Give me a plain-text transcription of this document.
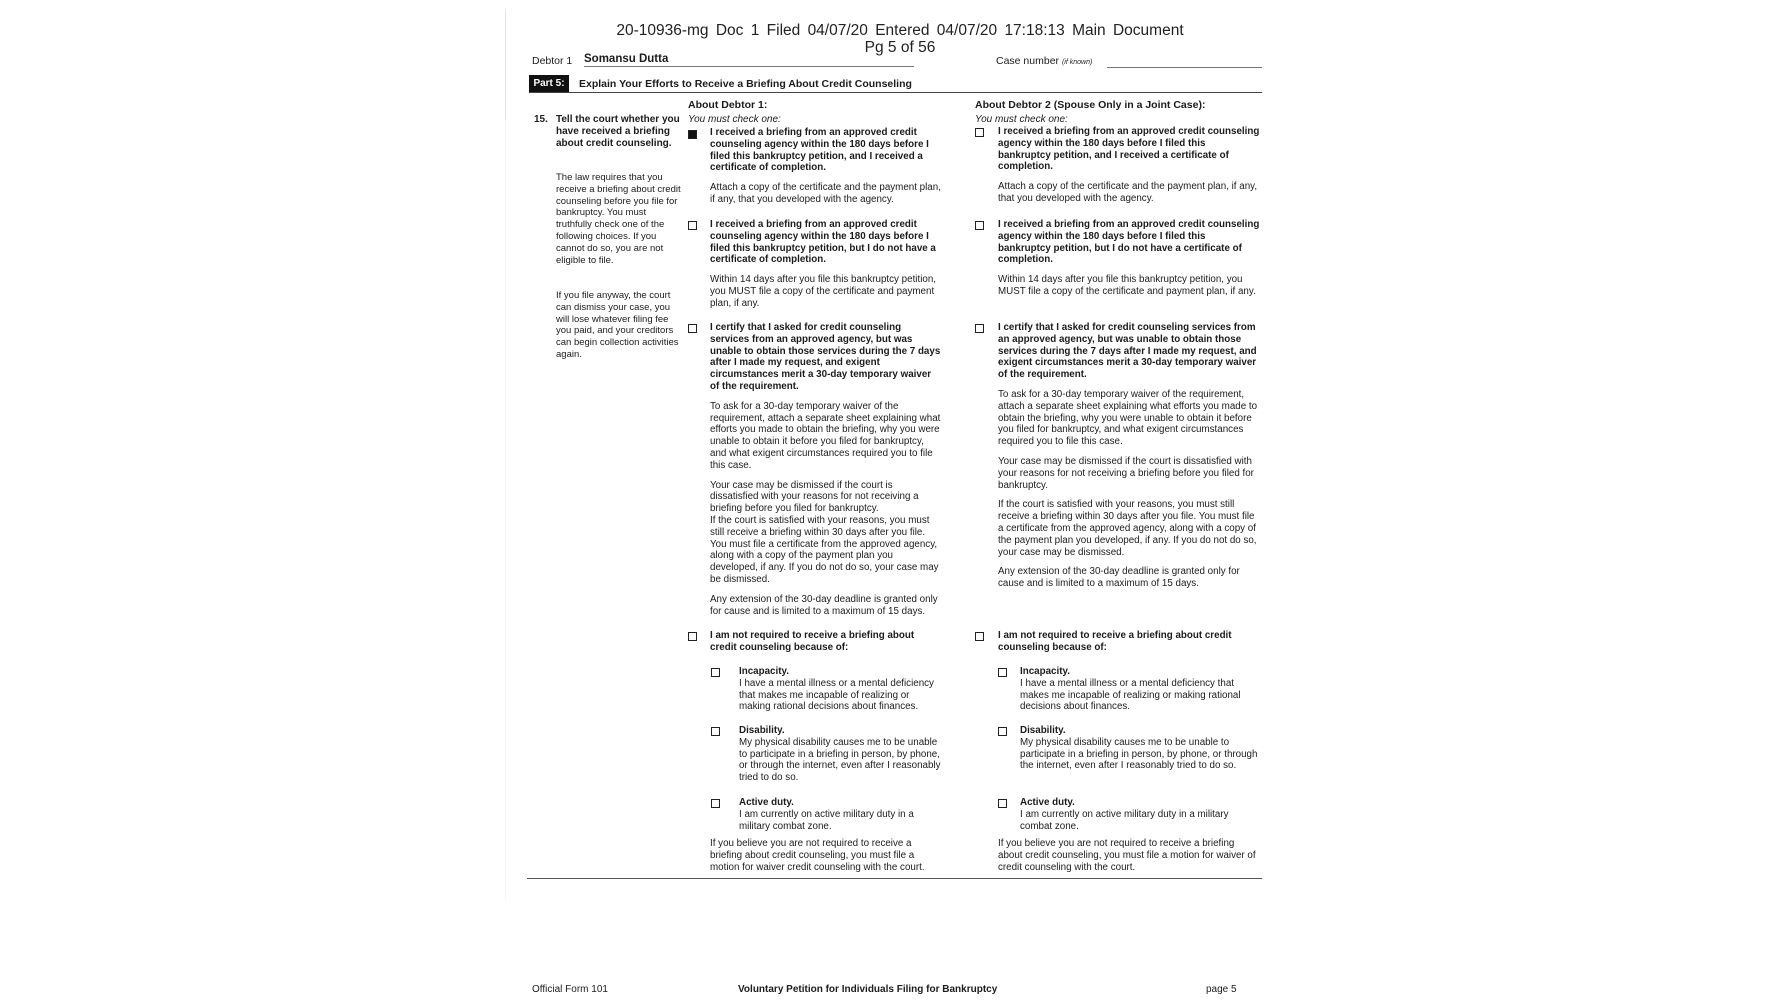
20-10936-mg Doc 1 Filed 04/07/20 Entered 04/07/20 17:18:13 Main Document
Pg 5 of 56
Debtor 1 Somansu Dutta	Case number (if known)
Part 5:	Explain Your Efforts to Receive a Briefing About Credit Counseling
About Debtor 1:	About Debtor 2 (Spouse Only in a Joint Case):
You must check one:	You must check one:
15. Tell the court whether you have received a briefing about credit counseling.
The law requires that you receive a briefing about credit counseling before you file for bankruptcy. You must truthfully check one of the following choices. If you cannot do so, you are not eligible to file.
If you file anyway, the court can dismiss your case, you will lose whatever filing fee you paid, and your creditors can begin collection activities again.
I received a briefing from an approved credit counseling agency within the 180 days before I filed this bankruptcy petition, and I received a certificate of completion.
Attach a copy of the certificate and the payment plan, if any, that you developed with the agency.
I received a briefing from an approved credit counseling agency within the 180 days before I filed this bankruptcy petition, but I do not have a certificate of completion.
Within 14 days after you file this bankruptcy petition, you MUST file a copy of the certificate and payment plan, if any.
I certify that I asked for credit counseling services from an approved agency, but was unable to obtain those services during the 7 days after I made my request, and exigent circumstances merit a 30-day temporary waiver of the requirement.
To ask for a 30-day temporary waiver of the requirement, attach a separate sheet explaining what efforts you made to obtain the briefing, why you were unable to obtain it before you filed for bankruptcy, and what exigent circumstances required you to file this case.
Your case may be dismissed if the court is dissatisfied with your reasons for not receiving a briefing before you filed for bankruptcy.
If the court is satisfied with your reasons, you must still receive a briefing within 30 days after you file. You must file a certificate from the approved agency, along with a copy of the payment plan you developed, if any. If you do not do so, your case may be dismissed.
Any extension of the 30-day deadline is granted only for cause and is limited to a maximum of 15 days.
I am not required to receive a briefing about credit counseling because of:
Incapacity.
I have a mental illness or a mental deficiency that makes me incapable of realizing or making rational decisions about finances.
Disability.
My physical disability causes me to be unable to participate in a briefing in person, by phone, or through the internet, even after I reasonably tried to do so.
Active duty.
I am currently on active military duty in a military combat zone.
If you believe you are not required to receive a briefing about credit counseling, you must file a motion for waiver credit counseling with the court.
I received a briefing from an approved credit counseling agency within the 180 days before I filed this bankruptcy petition, and I received a certificate of completion.
Attach a copy of the certificate and the payment plan, if any, that you developed with the agency.
I received a briefing from an approved credit counseling agency within the 180 days before I filed this bankruptcy petition, but I do not have a certificate of completion.
Within 14 days after you file this bankruptcy petition, you MUST file a copy of the certificate and payment plan, if any.
I certify that I asked for credit counseling services from an approved agency, but was unable to obtain those services during the 7 days after I made my request, and exigent circumstances merit a 30-day temporary waiver of the requirement.
To ask for a 30-day temporary waiver of the requirement, attach a separate sheet explaining what efforts you made to obtain the briefing, why you were unable to obtain it before you filed for bankruptcy, and what exigent circumstances required you to file this case.
Your case may be dismissed if the court is dissatisfied with your reasons for not receiving a briefing before you filed for bankruptcy.
If the court is satisfied with your reasons, you must still receive a briefing within 30 days after you file. You must file a certificate from the approved agency, along with a copy of the payment plan you developed, if any. If you do not do so, your case may be dismissed.
Any extension of the 30-day deadline is granted only for cause and is limited to a maximum of 15 days.
I am not required to receive a briefing about credit counseling because of:
Incapacity.
I have a mental illness or a mental deficiency that makes me incapable of realizing or making rational decisions about finances.
Disability.
My physical disability causes me to be unable to participate in a briefing in person, by phone, or through the internet, even after I reasonably tried to do so.
Active duty.
I am currently on active military duty in a military combat zone.
If you believe you are not required to receive a briefing about credit counseling, you must file a motion for waiver of credit counseling with the court.
Official Form 101	Voluntary Petition for Individuals Filing for Bankruptcy	page 5
